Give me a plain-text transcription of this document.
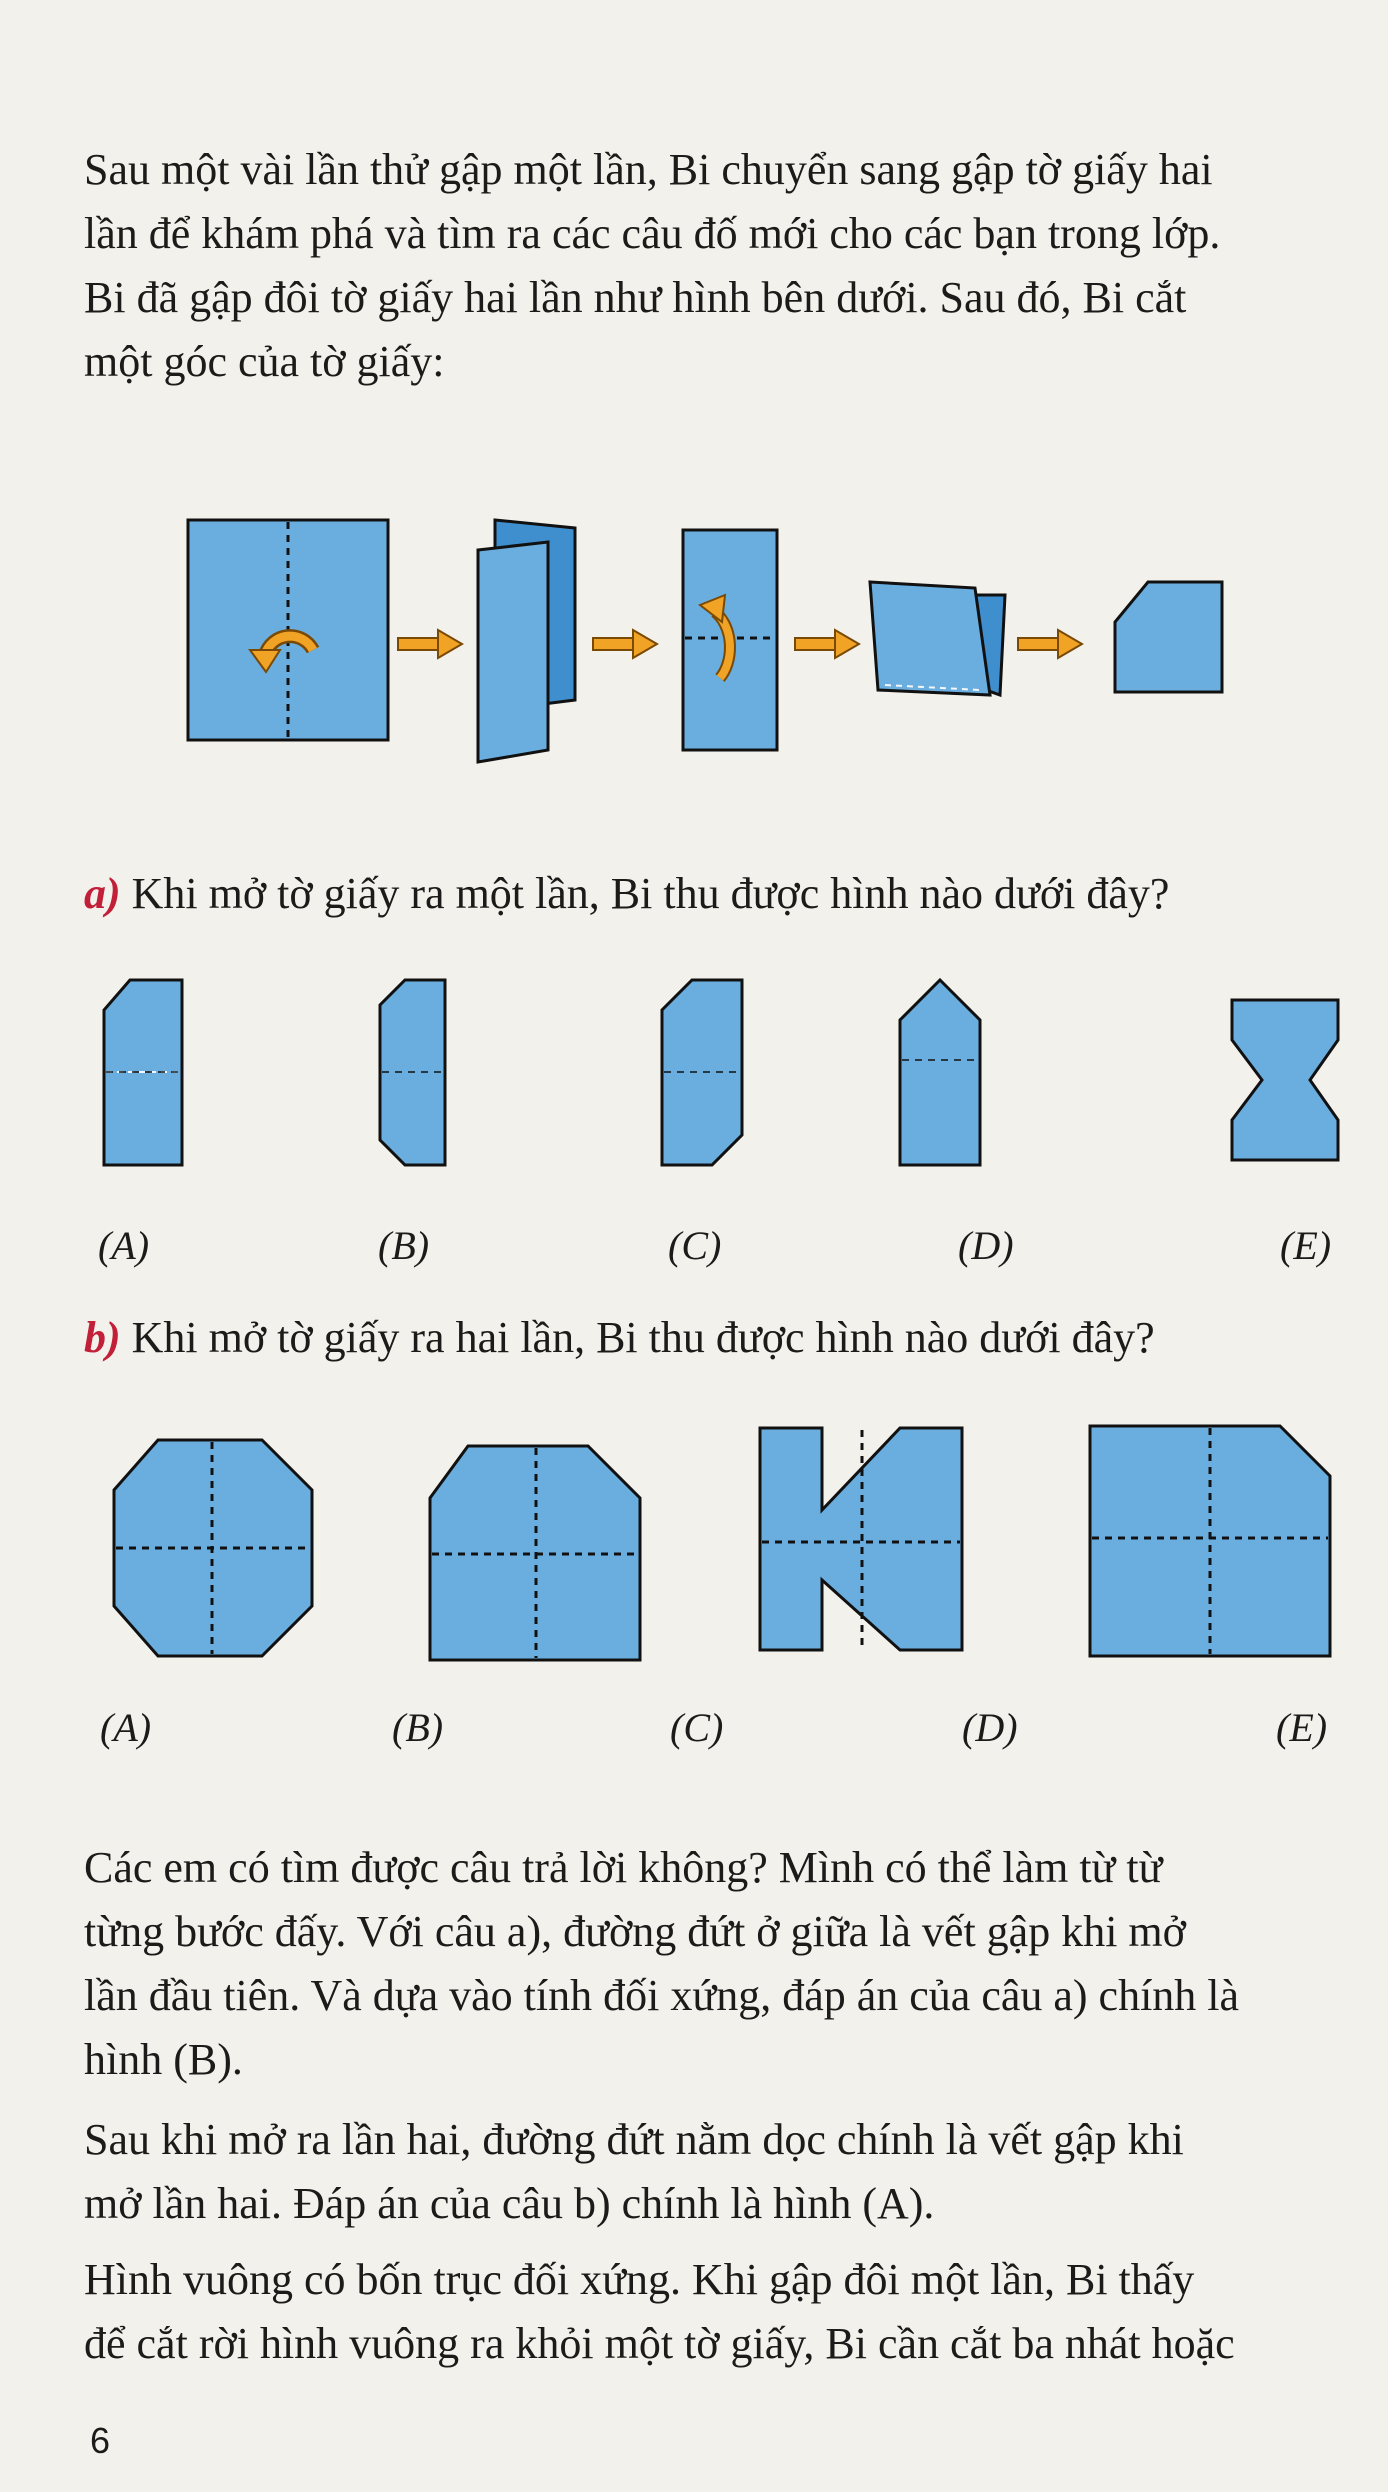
Sau một vài lần thử gập một lần, Bi chuyển sang gập tờ giấy hai
lần để khám phá và tìm ra các câu đố mới cho các bạn trong lớp.
Bi đã gập đôi tờ giấy hai lần như hình bên dưới. Sau đó, Bi cắt
một góc của tờ giấy:
a) Khi mở tờ giấy ra một lần, Bi thu được hình nào dưới đây?
(A)	(B)	(C)	(D)	(E)
b) Khi mở tờ giấy ra hai lần, Bi thu được hình nào dưới đây?
(A)	(B)	(C)	(D)	(E)
Các em có tìm được câu trả lời không? Mình có thể làm từ từ
từng bước đấy. Với câu a), đường đứt ở giữa là vết gập khi mở
lần đầu tiên. Và dựa vào tính đối xứng, đáp án của câu a) chính là
hình (B).
Sau khi mở ra lần hai, đường đứt nằm dọc chính là vết gập khi
mở lần hai. Đáp án của câu b) chính là hình (A).
Hình vuông có bốn trục đối xứng. Khi gập đôi một lần, Bi thấy
để cắt rời hình vuông ra khỏi một tờ giấy, Bi cần cắt ba nhát hoặc
6
